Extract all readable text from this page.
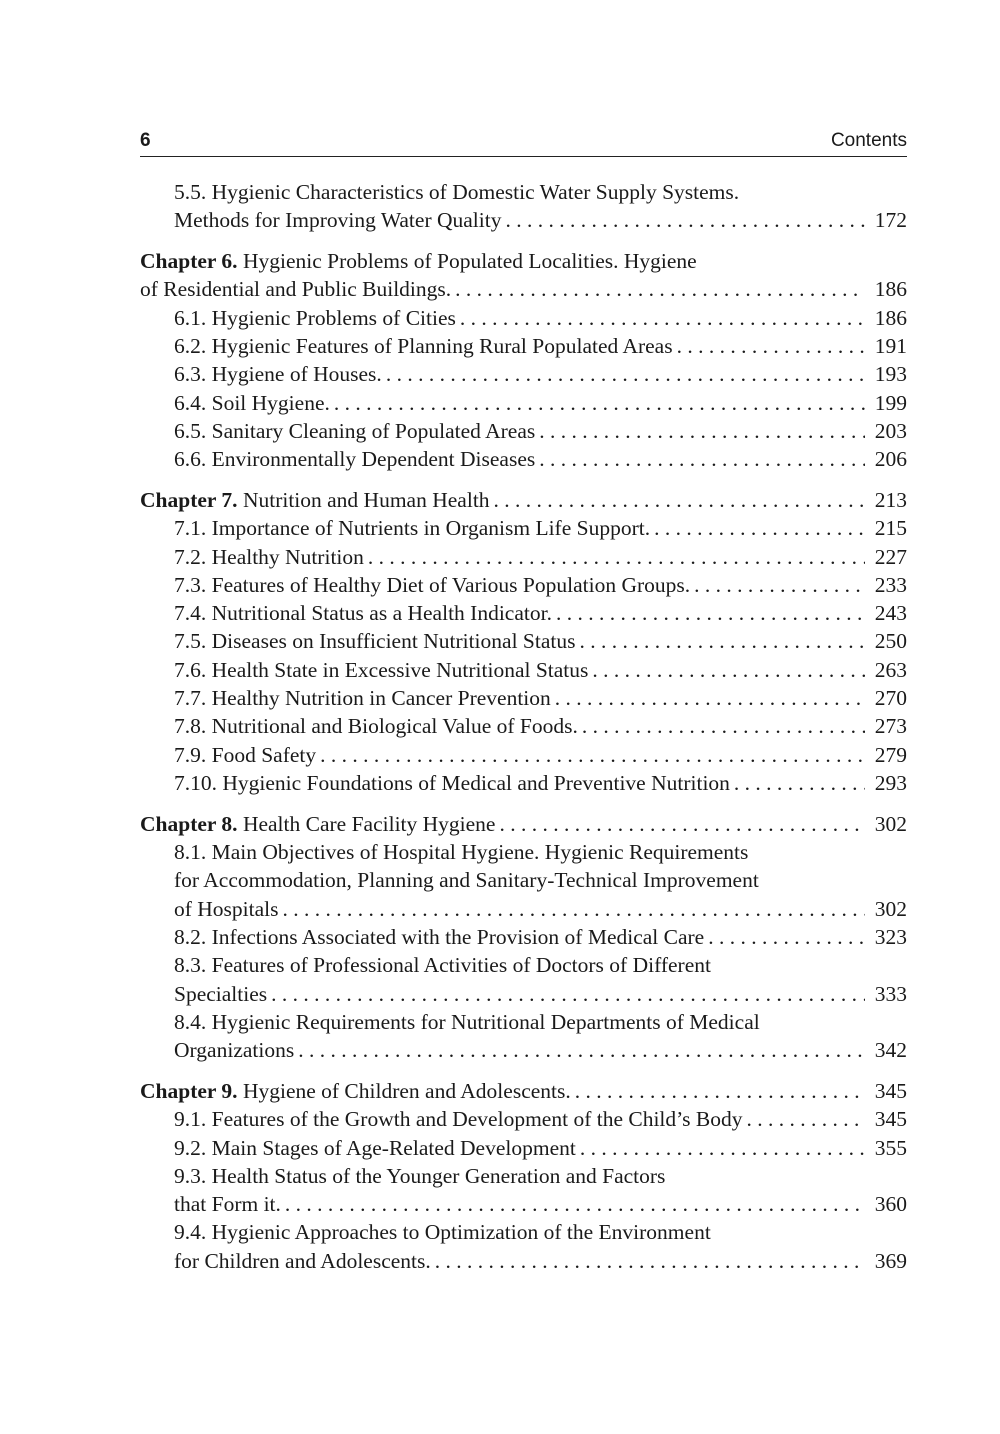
6	Contents
5.5. Hygienic Characteristics of Domestic Water Supply Systems.
Methods for Improving Water Quality . . .	172
Chapter 6. Hygienic Problems of Populated Localities. Hygiene
of Residential and Public Buildings. . . .	186
6.1. Hygienic Problems of Cities . . .	186
6.2. Hygienic Features of Planning Rural Populated Areas . . .	191
6.3. Hygiene of Houses. . . .	193
6.4. Soil Hygiene. . . .	199
6.5. Sanitary Cleaning of Populated Areas . . .	203
6.6. Environmentally Dependent Diseases . . .	206
Chapter 7. Nutrition and Human Health . . .	213
7.1. Importance of Nutrients in Organism Life Support. . . .	215
7.2. Healthy Nutrition . . .	227
7.3. Features of Healthy Diet of Various Population Groups. . . .	233
7.4. Nutritional Status as a Health Indicator. . . .	243
7.5. Diseases on Insufficient Nutritional Status . . .	250
7.6. Health State in Excessive Nutritional Status . . .	263
7.7. Healthy Nutrition in Cancer Prevention . . .	270
7.8. Nutritional and Biological Value of Foods. . . .	273
7.9. Food Safety . . .	279
7.10. Hygienic Foundations of Medical and Preventive Nutrition . . .	293
Chapter 8. Health Care Facility Hygiene . . .	302
8.1. Main Objectives of Hospital Hygiene. Hygienic Requirements
for Accommodation, Planning and Sanitary-Technical Improvement
of Hospitals . . .	302
8.2. Infections Associated with the Provision of Medical Care . . .	323
8.3. Features of Professional Activities of Doctors of Different
Specialties . . .	333
8.4. Hygienic Requirements for Nutritional Departments of Medical
Organizations . . .	342
Chapter 9. Hygiene of Children and Adolescents. . . .	345
9.1. Features of the Growth and Development of the Child’s Body . . .	345
9.2. Main Stages of Age-Related Development . . .	355
9.3. Health Status of the Younger Generation and Factors
that Form it. . . .	360
9.4. Hygienic Approaches to Optimization of the Environment
for Children and Adolescents. . . .	369
